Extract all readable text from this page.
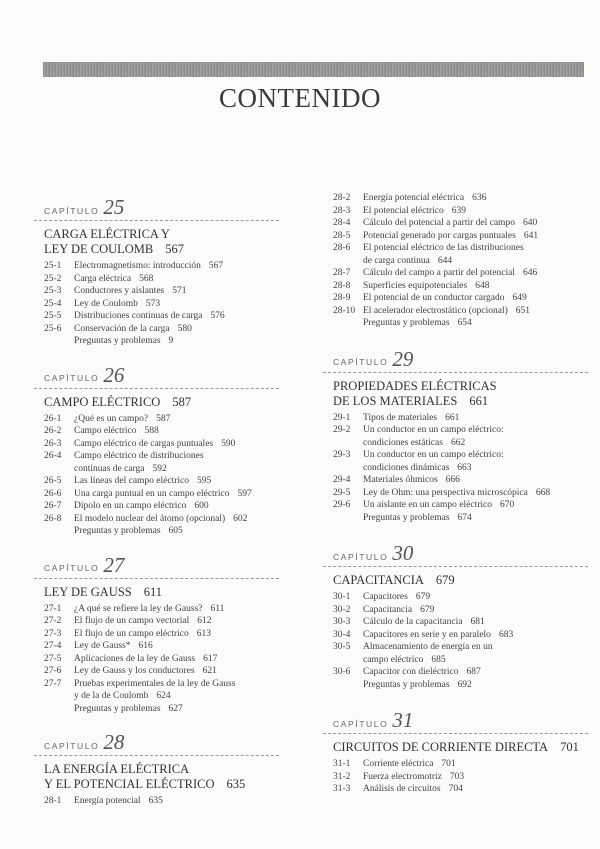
CONTENIDO
CAPÍTULO 25
CARGA ELÉCTRICA Y
LEY DE COULOMB 567
25-1	Electromagnetismo: introducción 567
25-2	Carga eléctrica 568
25-3	Conductores y aislantes 571
25-4	Ley de Coulomb 573
25-5	Distribuciones continuas de carga 576
25-6	Conservación de la carga 580
Preguntas y problemas 9
CAPÍTULO 26
CAMPO ELÉCTRICO 587
26-1	¿Qué es un campo? 587
26-2	Campo eléctrico 588
26-3	Campo eléctrico de cargas puntuales 590
26-4	Campo eléctrico de distribuciones
continuas de carga 592
26-5	Las líneas del campo eléctrico 595
26-6	Una carga puntual en un campo eléctrico 597
26-7	Dipolo en un campo eléctrico 600
26-8	El modelo nuclear del átomo (opcional) 602
Preguntas y problemas 605
CAPÍTULO 27
LEY DE GAUSS 611
27-1	¿A qué se refiere la ley de Gauss? 611
27-2	El flujo de un campo vectorial 612
27-3	El flujo de un campo eléctrico 613
27-4	Ley de Gauss* 616
27-5	Aplicaciones de la ley de Gauss 617
27-6	Ley de Gauss y los conductores 621
27-7	Pruebas experimentales de la ley de Gauss
y de la de Coulomb 624
Preguntas y problemas 627
CAPÍTULO 28
LA ENERGÍA ELÉCTRICA
Y EL POTENCIAL ELÉCTRICO 635
28-1	Energía potencial 635
28-2	Energía potencial eléctrica 636
28-3	El potencial eléctrico 639
28-4	Cálculo del potencial a partir del campo 640
28-5	Potencial generado por cargas puntuales 641
28-6	El potencial eléctrico de las distribuciones
de carga continua 644
28-7	Cálculo del campo a partir del potencial 646
28-8	Superficies equipotenciales 648
28-9	El potencial de un conductor cargado 649
28-10 El acelerador electrostático (opcional) 651
Preguntas y problemas 654
CAPÍTULO 29
PROPIEDADES ELÉCTRICAS
DE LOS MATERIALES 661
29-1	Tipos de materiales 661
29-2	Un conductor en un campo eléctrico:
condiciones estáticas 662
29-3	Un conductor en un campo eléctrico:
condiciones dinámicas 663
29-4	Materiales óhmicos 666
29-5	Ley de Ohm: una perspectiva microscópica 668
29-6	Un aislante en un campo eléctrico 670
Preguntas y problemas 674
CAPÍTULO 30
CAPACITANCIA 679
30-1	Capacitores 679
30-2	Capacitancia 679
30-3	Cálculo de la capacitancia 681
30-4	Capacitores en serie y en paralelo 683
30-5	Almacenamiento de energía en un
campo eléctrico 685
30-6	Capacitor con dieléctrico 687
Preguntas y problemas 692
CAPÍTULO 31
CIRCUITOS DE CORRIENTE DIRECTA 701
31-1	Corriente eléctrica 701
31-2	Fuerza electromotriz 703
31-3	Análisis de circuitos 704
